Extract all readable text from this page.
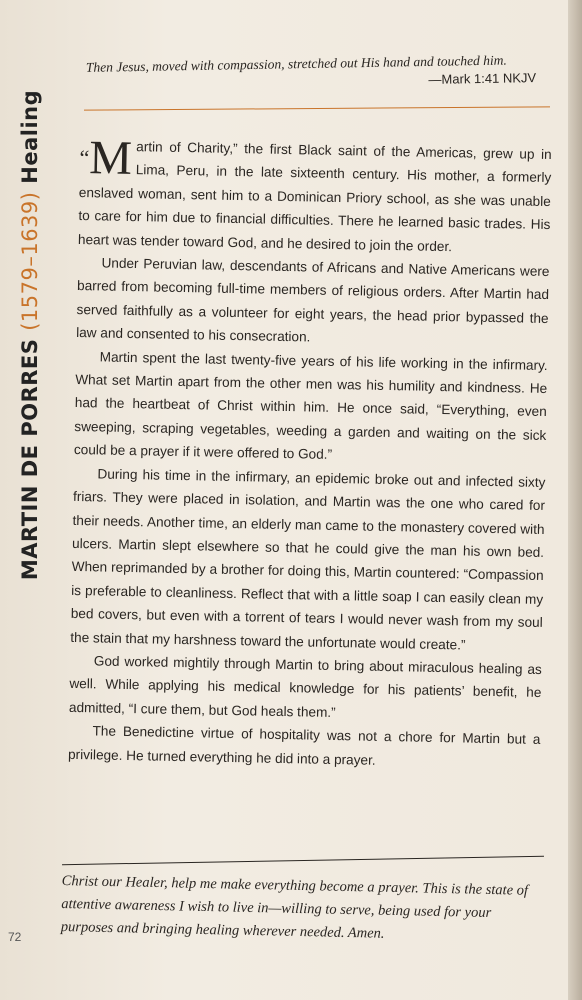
MARTIN DE PORRES (1579–1639) Healing
Then Jesus, moved with compassion, stretched out His hand and touched him.
—Mark 1:41 NKJV

“M artin of Charity,” the first Black saint of the Americas, grew up in Lima, Peru, in the late sixteenth century. His mother, a formerly enslaved woman, sent him to a Dominican Priory school, as she was unable to care for him due to financial difficulties. There he learned basic trades. His heart was tender toward God, and he desired to join the order.

Under Peruvian law, descendants of Africans and Native Americans were barred from becoming full-time members of religious orders. After Martin had served faithfully as a volunteer for eight years, the head prior bypassed the law and consented to his consecration.

Martin spent the last twenty-five years of his life working in the infirmary. What set Martin apart from the other men was his humility and kindness. He had the heartbeat of Christ within him. He once said, “Everything, even sweeping, scraping vegetables, weeding a garden and waiting on the sick could be a prayer if it were offered to God.”

During his time in the infirmary, an epidemic broke out and infected sixty friars. They were placed in isolation, and Martin was the one who cared for their needs. Another time, an elderly man came to the monastery covered with ulcers. Martin slept elsewhere so that he could give the man his own bed. When reprimanded by a brother for doing this, Martin countered: “Compassion is preferable to cleanliness. Reflect that with a little soap I can easily clean my bed covers, but even with a torrent of tears I would never wash from my soul the stain that my harshness toward the unfortunate would create.”

God worked mightily through Martin to bring about miraculous healing as well. While applying his medical knowledge for his patients’ benefit, he admitted, “I cure them, but God heals them.”

The Benedictine virtue of hospitality was not a chore for Martin but a privilege. He turned everything he did into a prayer.

Christ our Healer, help me make everything become a prayer. This is the state of attentive awareness I wish to live in—willing to serve, being used for your purposes and bringing healing wherever needed. Amen.
72
